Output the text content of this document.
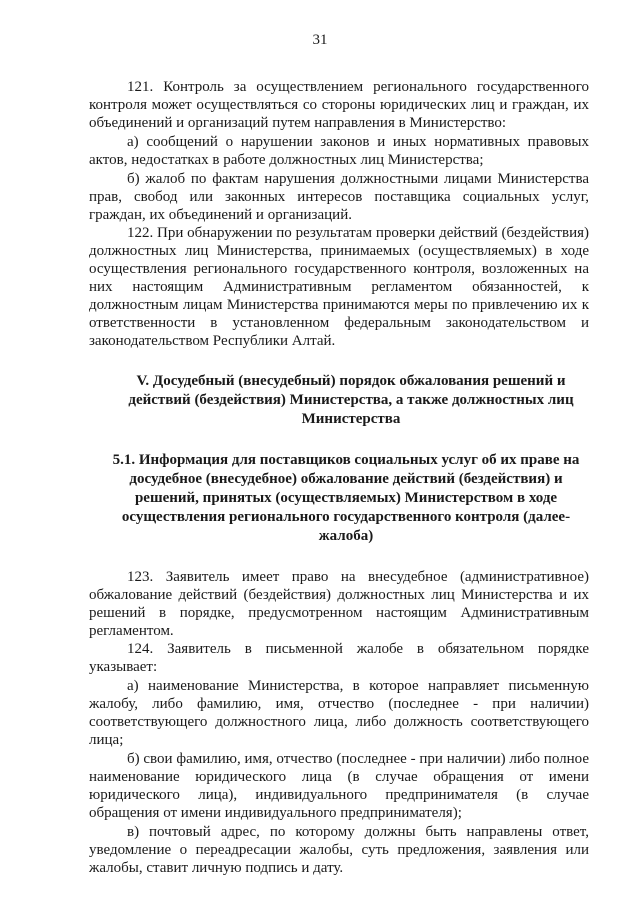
31

121. Контроль за осуществлением регионального государственного контроля может осуществляться со стороны юридических лиц и граждан, их объединений и организаций путем направления в Министерство:

а) сообщений о нарушении законов и иных нормативных правовых актов, недостатках в работе должностных лиц Министерства;

б) жалоб по фактам нарушения должностными лицами Министерства прав, свобод или законных интересов поставщика социальных услуг, граждан, их объединений и организаций.

122. При обнаружении по результатам проверки действий (бездействия) должностных лиц Министерства, принимаемых (осуществляемых) в ходе осуществления регионального государственного контроля, возложенных на них настоящим Административным регламентом обязанностей, к должностным лицам Министерства принимаются меры по привлечению их к ответственности в установленном федеральным законодательством и законодательством Республики Алтай.

V. Досудебный (внесудебный) порядок обжалования решений и действий (бездействия) Министерства, а также должностных лиц Министерства

5.1. Информация для поставщиков социальных услуг об их праве на досудебное (внесудебное) обжалование действий (бездействия) и решений, принятых (осуществляемых) Министерством в ходе осуществления регионального государственного контроля (далее- жалоба)

123. Заявитель имеет право на внесудебное (административное) обжалование действий (бездействия) должностных лиц Министерства и их решений в порядке, предусмотренном настоящим Административным регламентом.

124. Заявитель в письменной жалобе в обязательном порядке указывает:

а) наименование Министерства, в которое направляет письменную жалобу, либо фамилию, имя, отчество (последнее - при наличии) соответствующего должностного лица, либо должность соответствующего лица;

б) свои фамилию, имя, отчество (последнее - при наличии) либо полное наименование юридического лица (в случае обращения от имени юридического лица), индивидуального предпринимателя (в случае обращения от имени индивидуального предпринимателя);

в) почтовый адрес, по которому должны быть направлены ответ, уведомление о переадресации жалобы, суть предложения, заявления или жалобы, ставит личную подпись и дату.
